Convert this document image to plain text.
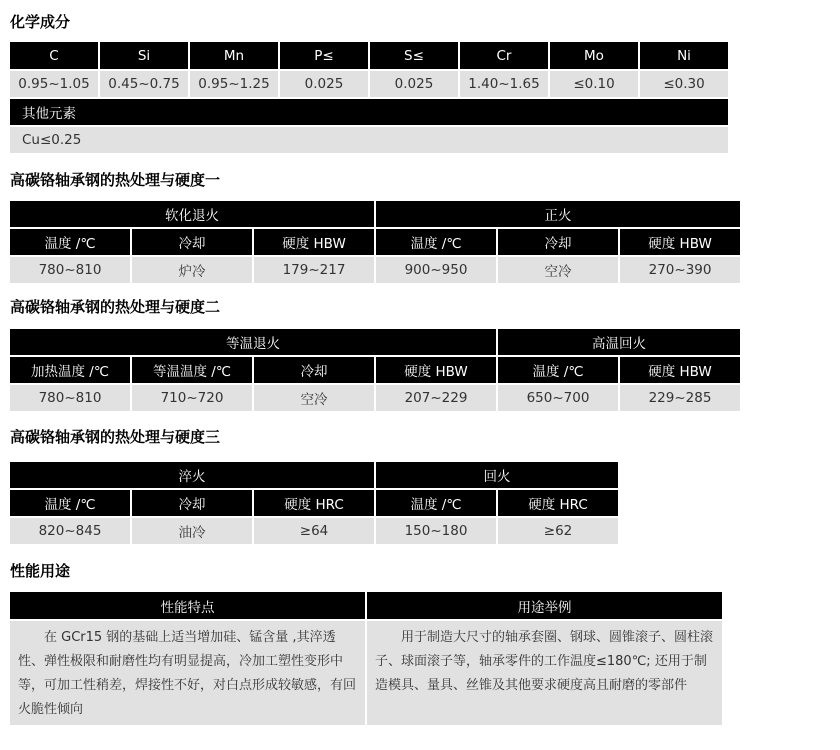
化学成分
C	Si	Mn	P≤	S≤	Cr	Mo	Ni
0.95~1.05	0.45~0.75	0.95~1.25	0.025	0.025	1.40~1.65	≤0.10	≤0.30
其他元素							
Cu≤0.25							
高碳铬轴承钢的热处理与硬度一
软化退火			正火		
温度 /℃	冷却	硬度 HBW	温度 /℃	冷却	硬度 HBW
780~810	炉冷	179~217	900~950	空冷	270~390
高碳铬轴承钢的热处理与硬度二
等温退火				高温回火	
加热温度 /℃	等温温度 /℃	冷却	硬度 HBW	温度 /℃	硬度 HBW
780~810	710~720	空冷	207~229	650~700	229~285
高碳铬轴承钢的热处理与硬度三
淬火			回火	
温度 /℃	冷却	硬度 HRC	温度 /℃	硬度 HRC
820~845	油冷	≥64	150~180	≥62
性能用途
性能特点	用途举例
在 GCr15 钢的基础上适当增加硅、锰含量 ,其淬透性、弹性极限和耐磨性均有明显提高，冷加工塑性变形中等，可加工性稍差，焊接性不好，对白点形成较敏感，有回火脆性倾向	用于制造大尺寸的轴承套圈、钢球、圆锥滚子、圆柱滚子、球面滚子等，轴承零件的工作温度≤180℃; 还用于制造模具、量具、丝锥及其他要求硬度高且耐磨的零部件
